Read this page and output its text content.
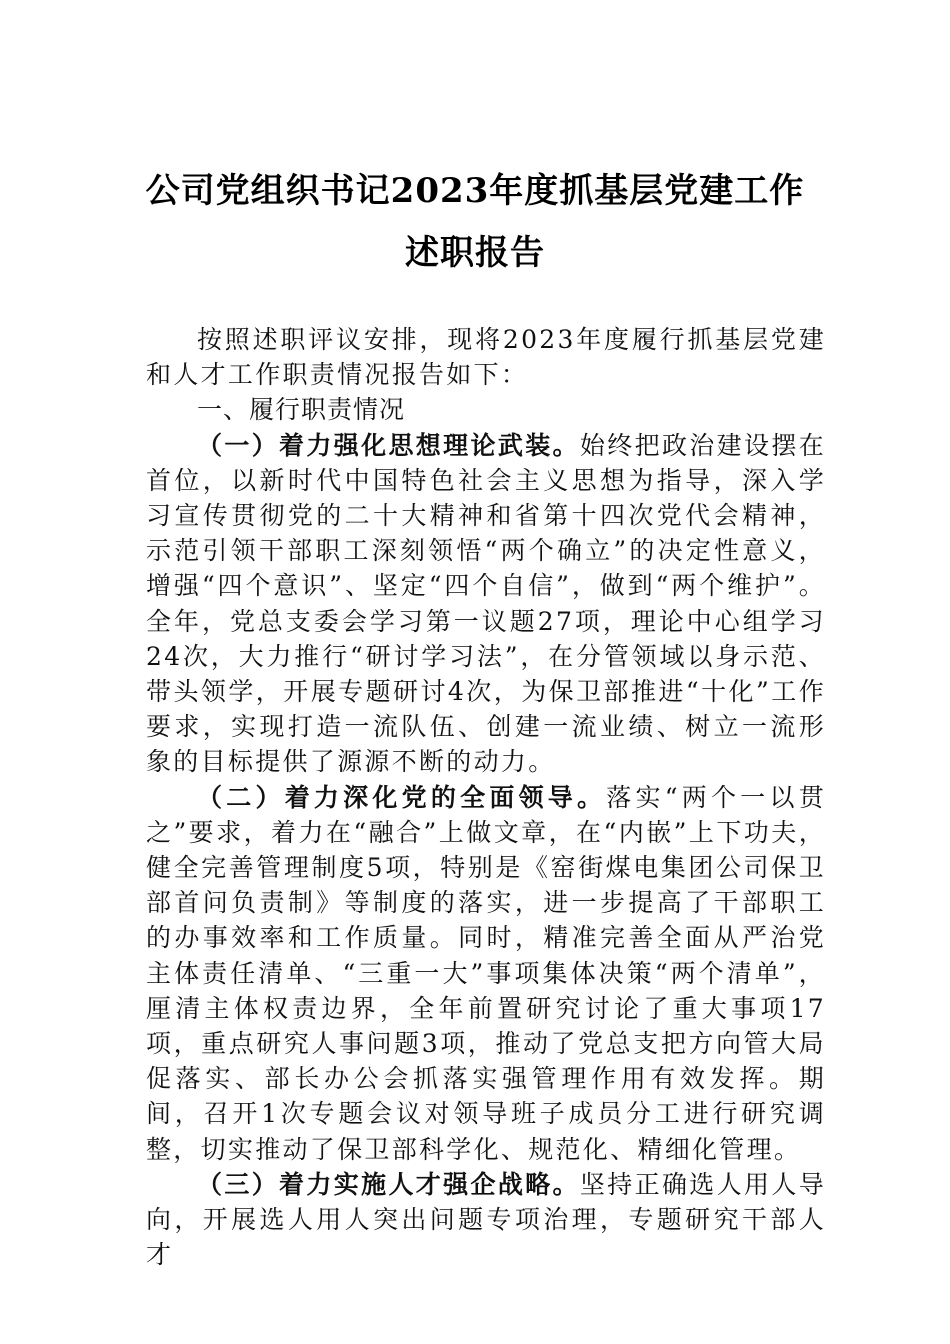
公司党组织书记2023年度抓基层党建工作
述职报告

按照述职评议安排，现将2023年度履行抓基层党建和人才工作职责情况报告如下：

一、履行职责情况

（一）着力强化思想理论武装。始终把政治建设摆在首位，以新时代中国特色社会主义思想为指导，深入学习宣传贯彻党的二十大精神和省第十四次党代会精神，示范引领干部职工深刻领悟“两个确立”的决定性意义，增强“四个意识”、坚定“四个自信”，做到“两个维护”。全年，党总支委会学习第一议题27项，理论中心组学习24次，大力推行“研讨学习法”，在分管领域以身示范、带头领学，开展专题研讨4次，为保卫部推进“十化”工作要求，实现打造一流队伍、创建一流业绩、树立一流形象的目标提供了源源不断的动力。

（二）着力深化党的全面领导。落实“两个一以贯之”要求，着力在“融合”上做文章，在“内嵌”上下功夫，健全完善管理制度5项，特别是《窑街煤电集团公司保卫部首问负责制》等制度的落实，进一步提高了干部职工的办事效率和工作质量。同时，精准完善全面从严治党主体责任清单、“三重一大”事项集体决策“两个清单”，厘清主体权责边界，全年前置研究讨论了重大事项17项，重点研究人事问题3项，推动了党总支把方向管大局促落实、部长办公会抓落实强管理作用有效发挥。期间，召开1次专题会议对领导班子成员分工进行研究调整，切实推动了保卫部科学化、规范化、精细化管理。

（三）着力实施人才强企战略。坚持正确选人用人导向，开展选人用人突出问题专项治理，专题研究干部人才
